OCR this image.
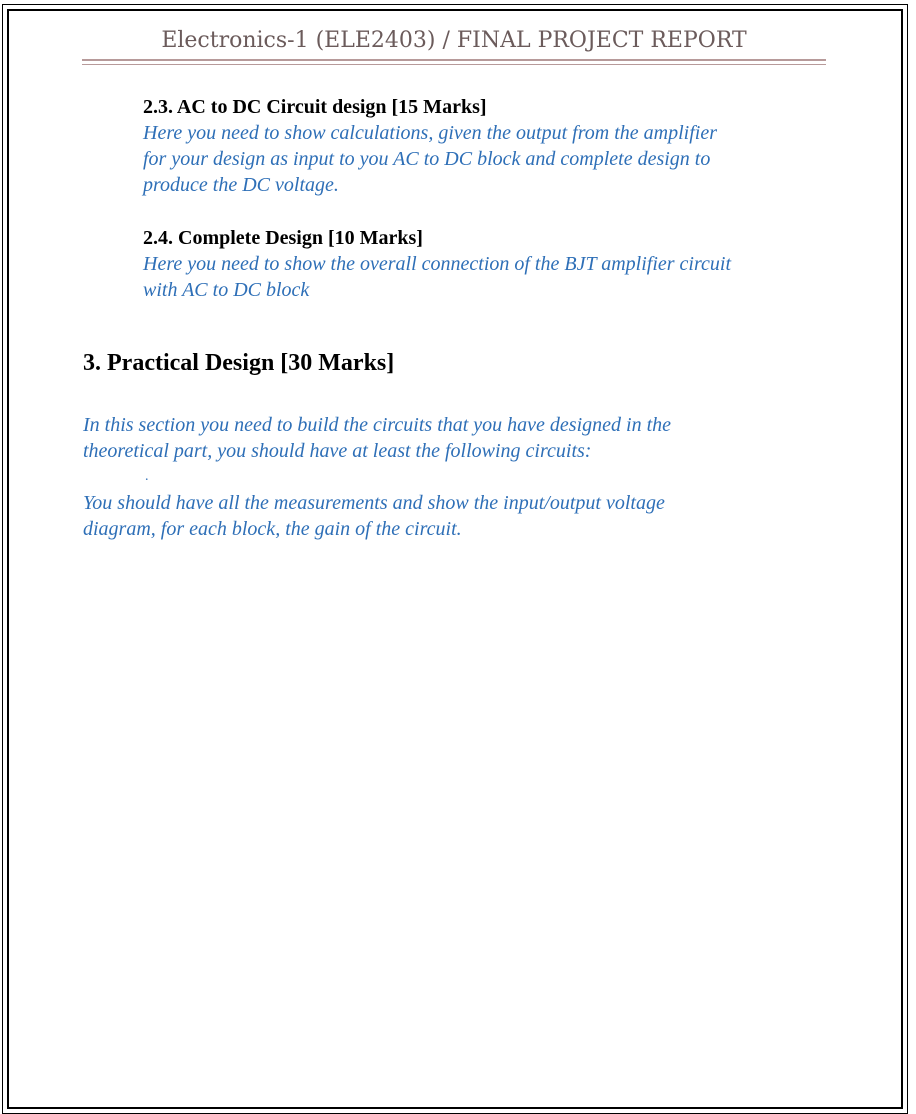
Electronics-1 (ELE2403) / FINAL PROJECT REPORT
2.3. AC to DC Circuit design [15 Marks]

Here you need to show calculations, given the output from the amplifier

for your design as input to you AC to DC block and complete design to

produce the DC voltage.

2.4. Complete Design [10 Marks]

Here you need to show the overall connection of the BJT amplifier circuit

with AC to DC block

3. Practical Design [30 Marks]

In this section you need to build the circuits that you have designed in the

theoretical part, you should have at least the following circuits:

.

You should have all the measurements and show the input/output voltage

diagram, for each block, the gain of the circuit.
